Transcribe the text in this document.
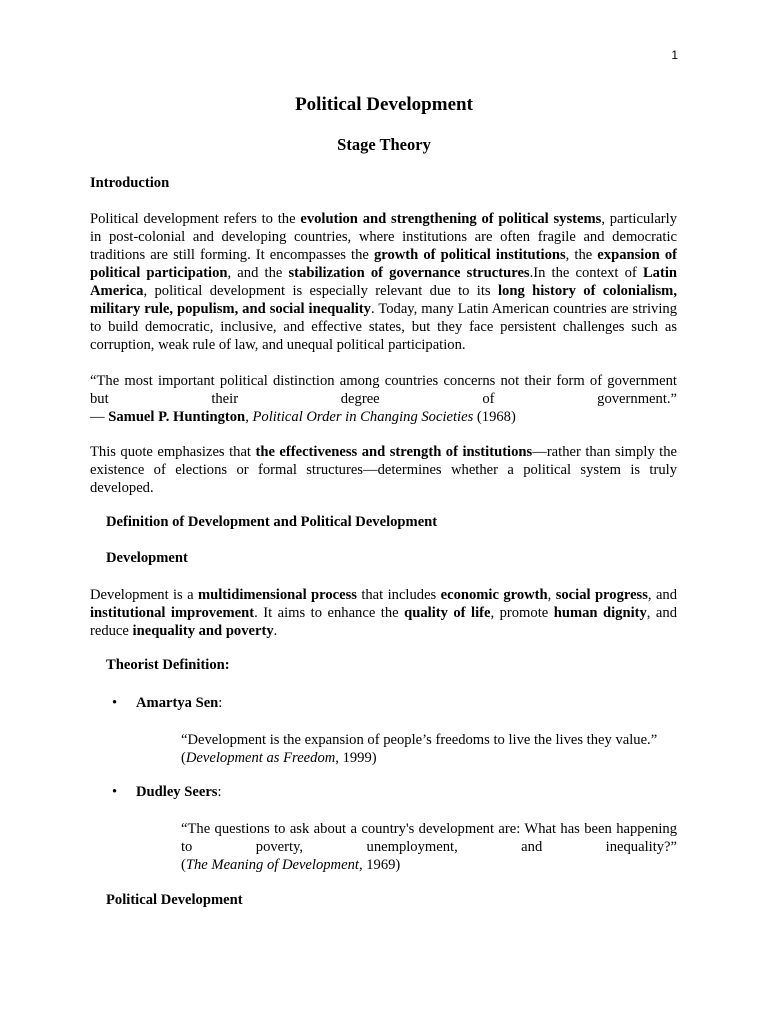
1
Political Development
Stage Theory
Introduction
Political development refers to the evolution and strengthening of political systems, particularly in post-colonial and developing countries, where institutions are often fragile and democratic traditions are still forming. It encompasses the growth of political institutions, the expansion of political participation, and the stabilization of governance structures.In the context of Latin America, political development is especially relevant due to its long history of colonialism, military rule, populism, and social inequality. Today, many Latin American countries are striving to build democratic, inclusive, and effective states, but they face persistent challenges such as corruption, weak rule of law, and unequal political participation.
“The most important political distinction among countries concerns not their form of government
but their degree of government.”
— Samuel P. Huntington, Political Order in Changing Societies (1968)
This quote emphasizes that the effectiveness and strength of institutions—rather than simply the existence of elections or formal structures—determines whether a political system is truly developed.
Definition of Development and Political Development
Development
Development is a multidimensional process that includes economic growth, social progress, and institutional improvement. It aims to enhance the quality of life, promote human dignity, and reduce inequality and poverty.
Theorist Definition:
• Amartya Sen:
“Development is the expansion of people’s freedoms to live the lives they value.”
(Development as Freedom, 1999)
• Dudley Seers:
“The questions to ask about a country's development are: What has been happening to poverty, unemployment, and inequality?”
(The Meaning of Development, 1969)
Political Development
